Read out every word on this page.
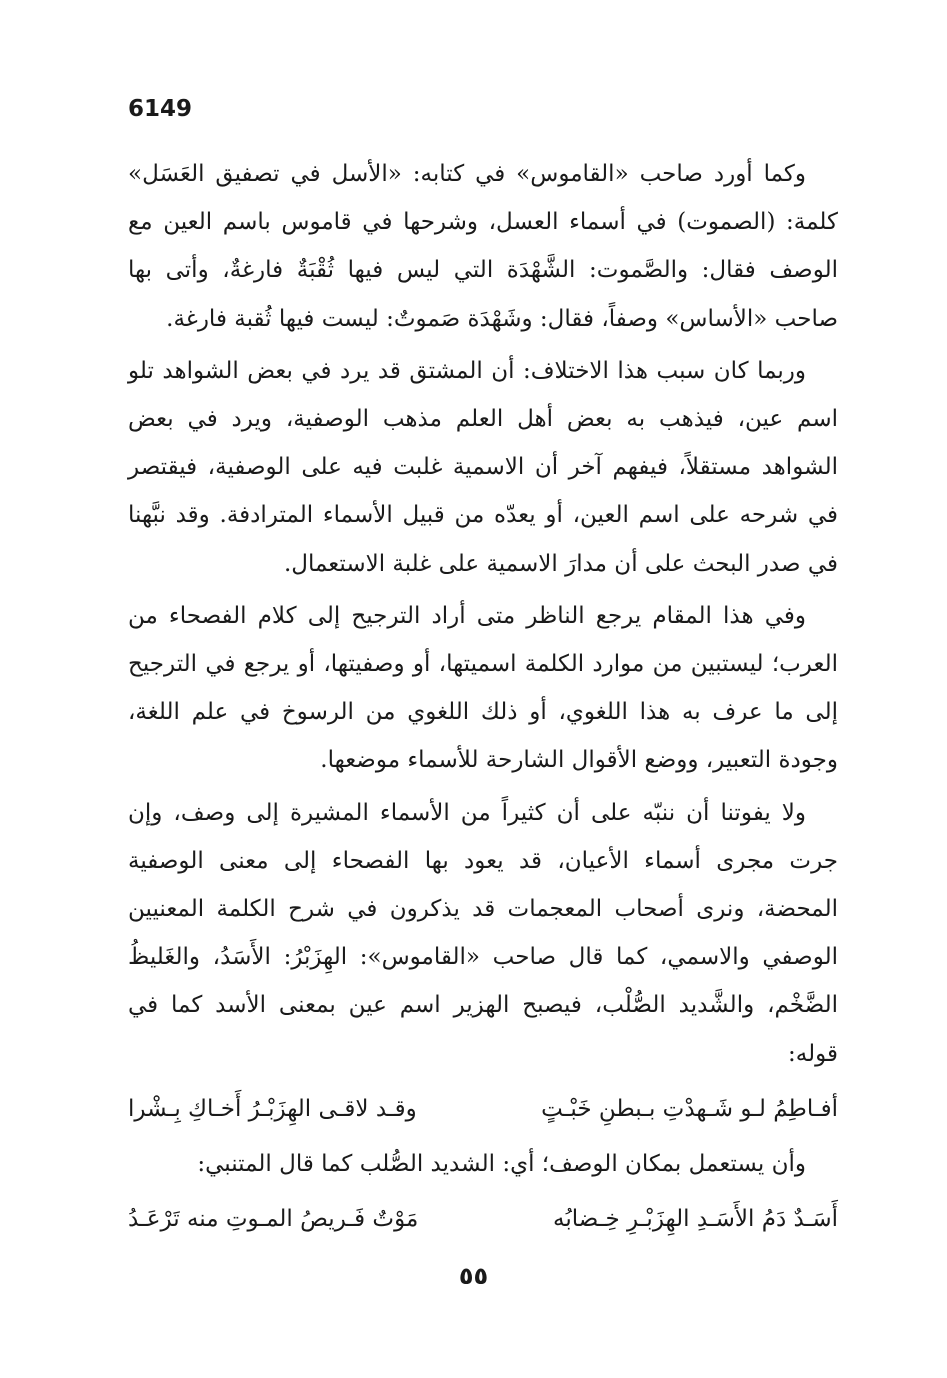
6149

وكما أورد صاحب «القاموس» في كتابه: «الأسل في تصفيق العَسَل» كلمة: (الصموت) في أسماء العسل، وشرحها في قاموس باسم العين مع الوصف فقال: والصَّموت: الشَّهْدَة التي ليس فيها ثُقْبَةٌ فارغةٌ، وأتى بها صاحب «الأساس» وصفاً، فقال: وشَهْدَة صَموتٌ: ليست فيها ثُقبة فارغة.

وربما كان سبب هذا الاختلاف: أن المشتق قد يرد في بعض الشواهد تلو اسم عين، فيذهب به بعض أهل العلم مذهب الوصفية، ويرد في بعض الشواهد مستقلاً، فيفهم آخر أن الاسمية غلبت فيه على الوصفية، فيقتصر في شرحه على اسم العين، أو يعدّه من قبيل الأسماء المترادفة. وقد نبَّهنا في صدر البحث على أن مدارَ الاسمية على غلبة الاستعمال.

وفي هذا المقام يرجع الناظر متى أراد الترجيح إلى كلام الفصحاء من العرب؛ ليستبين من موارد الكلمة اسميتها، أو وصفيتها، أو يرجع في الترجيح إلى ما عرف به هذا اللغوي، أو ذلك اللغوي من الرسوخ في علم اللغة، وجودة التعبير، ووضع الأقوال الشارحة للأسماء موضعها.

ولا يفوتنا أن ننبّه على أن كثيراً من الأسماء المشيرة إلى وصف، وإن جرت مجرى أسماء الأعيان، قد يعود بها الفصحاء إلى معنى الوصفية المحضة، ونرى أصحاب المعجمات قد يذكرون في شرح الكلمة المعنيين الوصفي والاسمي، كما قال صاحب «القاموس»: الهِزَبْرُ: الأَسَدُ، والغَليظُ الضَّخْم، والشَّديد الصُّلْب، فيصبح الهزير اسم عين بمعنى الأسد كما في قوله:

أفـاطِمُ لـو شَـهدْتِ بـبطنِ خَبْـتٍ
وقـد لاقـى الهِزَبْـرُ أَخـاكِ بِـشْرا

وأن يستعمل بمكان الوصف؛ أي: الشديد الصُّلب كما قال المتنبي:

أَسَـدٌ دَمُ الأَسَـدِ الهِزَبْـرِ خِـضابُه
مَوْتٌ فَـريصُ المـوتِ منه تَرْعَـدُ
٥٥
